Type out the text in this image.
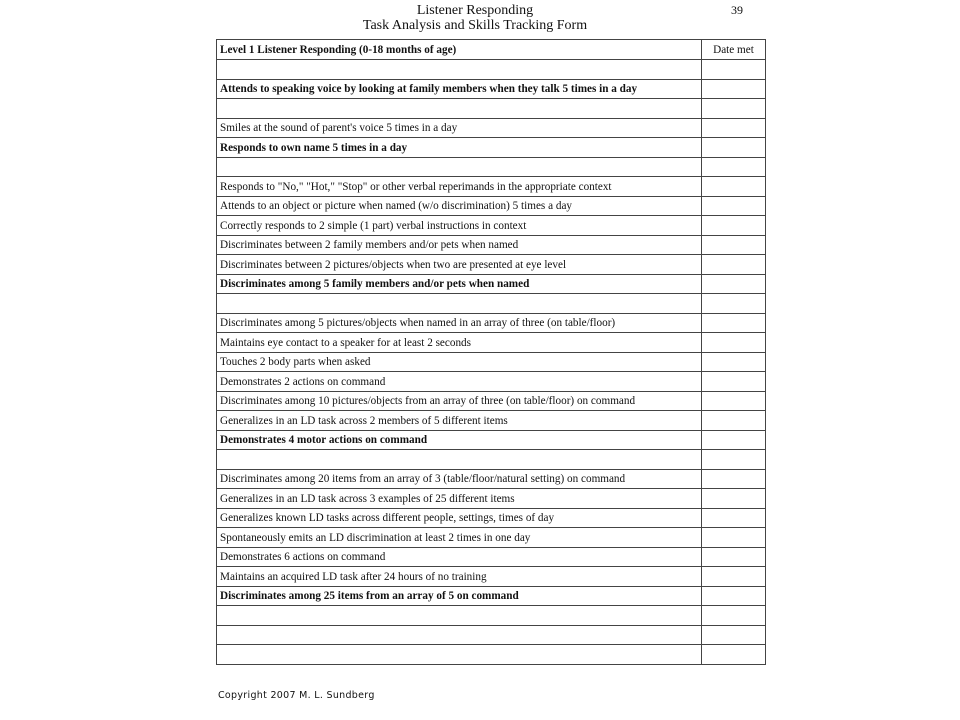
Listener Responding
Task Analysis and Skills Tracking Form
39
Level 1 Listener Responding (0-18 months of age)	Date met

Attends to speaking voice by looking at family members when they talk 5 times in a day	

Smiles at the sound of parent's voice 5 times in a day	
Responds to own name 5 times in a day	

Responds to "No," "Hot," "Stop" or other verbal reperimands in the appropriate context	
Attends to an object or picture when named (w/o discrimination) 5 times a day	
Correctly responds to 2 simple (1 part) verbal instructions in context	
Discriminates between 2 family members and/or pets when named	
Discriminates between 2 pictures/objects when two are presented at eye level	
Discriminates among 5 family members and/or pets when named	

Discriminates among 5 pictures/objects when named in an array of three (on table/floor)	
Maintains eye contact to a speaker for at least 2 seconds	
Touches 2 body parts when asked	
Demonstrates 2 actions on command	
Discriminates among 10 pictures/objects from an array of three (on table/floor) on command	
Generalizes in an LD task across 2 members of 5 different items	
Demonstrates 4 motor actions on command	

Discriminates among 20 items from an array of 3 (table/floor/natural setting) on command	
Generalizes in an LD task across 3 examples of 25 different items	
Generalizes known LD tasks across different people, settings, times of day	
Spontaneously emits an LD discrimination at least 2 times in one day	
Demonstrates 6 actions on command	
Maintains an acquired LD task after 24 hours of no training	
Discriminates among 25 items from an array of 5 on command	

Copyright 2007 M. L. Sundberg
